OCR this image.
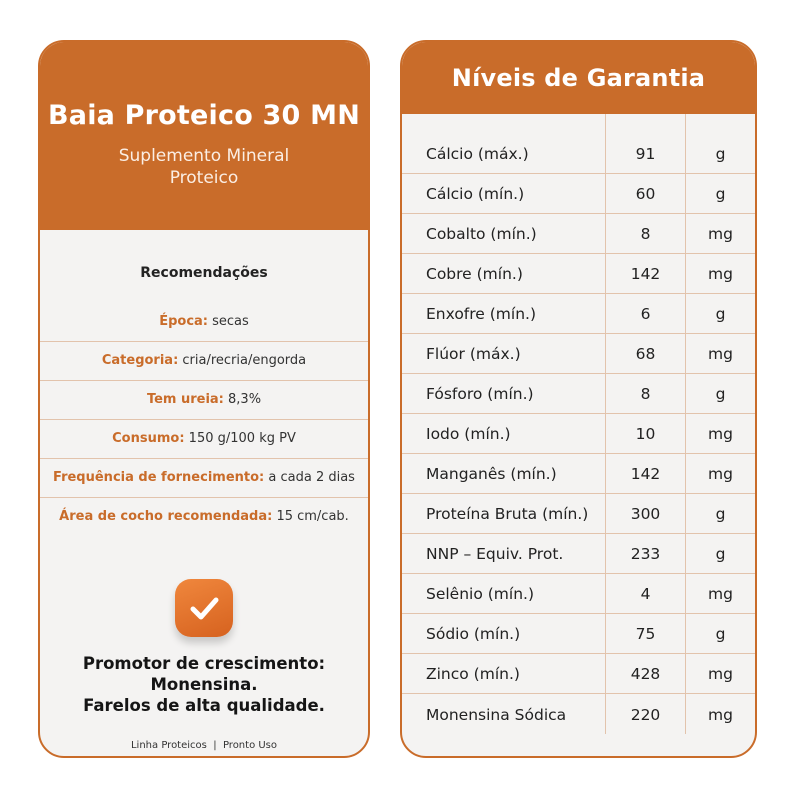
Baia Proteico 30 MN
Suplemento Mineral
Proteico
Recomendações
Época: secas
Categoria: cria/recria/engorda
Tem ureia: 8,3%
Consumo: 150 g/100 kg PV
Frequência de fornecimento: a cada 2 dias
Área de cocho recomendada: 15 cm/cab.
Promotor de crescimento:
Monensina.
Farelos de alta qualidade.
Linha Proteicos  |  Pronto Uso
Níveis de Garantia
Cálcio (máx.)	91	g
Cálcio (mín.)	60	g
Cobalto (mín.)	8	mg
Cobre (mín.)	142	mg
Enxofre (mín.)	6	g
Flúor (máx.)	68	mg
Fósforo (mín.)	8	g
Iodo (mín.)	10	mg
Manganês (mín.)	142	mg
Proteína Bruta (mín.)	300	g
NNP – Equiv. Prot.	233	g
Selênio (mín.)	4	mg
Sódio (mín.)	75	g
Zinco (mín.)	428	mg
Monensina Sódica	220	mg
